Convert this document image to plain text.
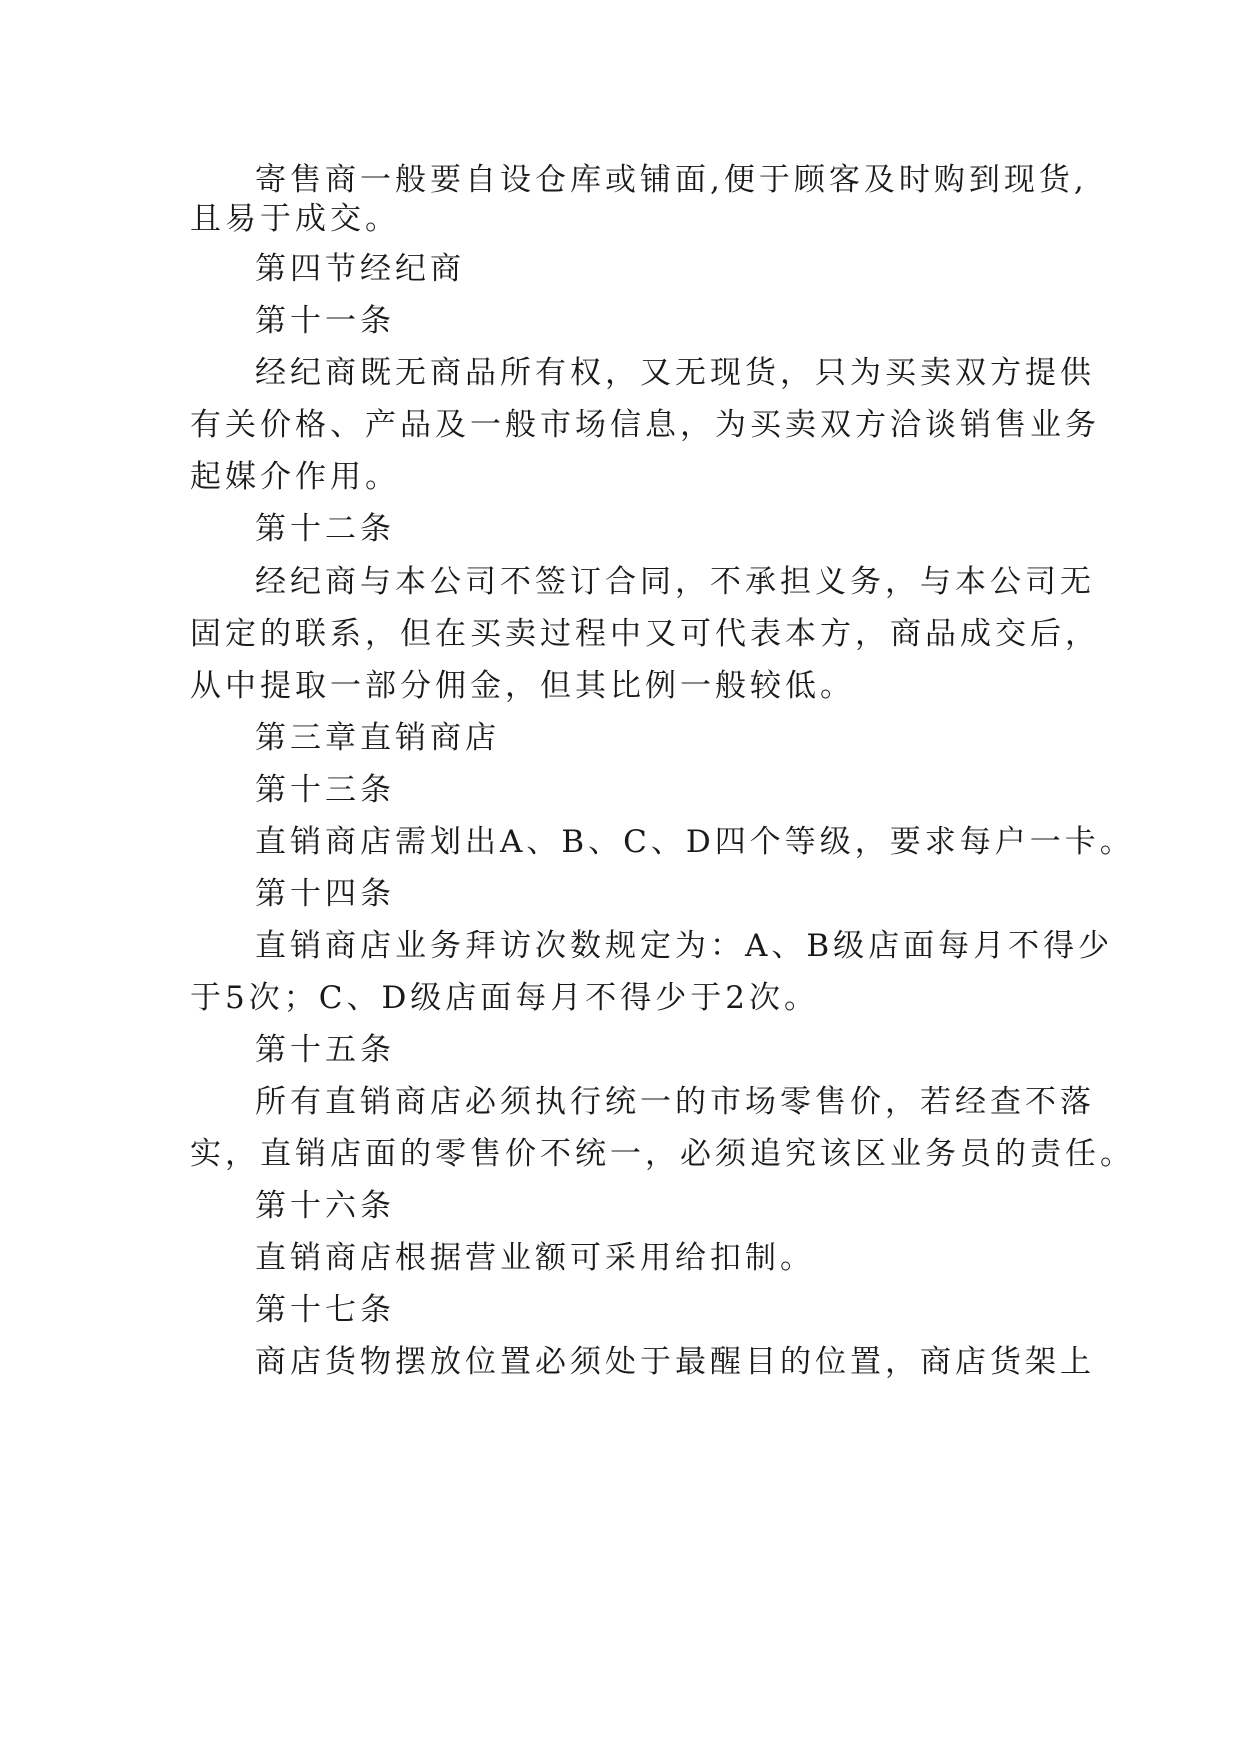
寄售商一般要自设仓库或铺面,便于顾客及时购到现货,
且易于成交。
第四节经纪商
第十一条
经纪商既无商品所有权，又无现货，只为买卖双方提供
有关价格、产品及一般市场信息，为买卖双方洽谈销售业务
起媒介作用。
第十二条
经纪商与本公司不签订合同，不承担义务，与本公司无
固定的联系，但在买卖过程中又可代表本方，商品成交后，
从中提取一部分佣金，但其比例一般较低。
第三章直销商店
第十三条
直销商店需划出A、B、C、D四个等级，要求每户一卡。
第十四条
直销商店业务拜访次数规定为：A、B级店面每月不得少
于5次；C、D级店面每月不得少于2次。
第十五条
所有直销商店必须执行统一的市场零售价，若经查不落
实，直销店面的零售价不统一，必须追究该区业务员的责任。
第十六条
直销商店根据营业额可采用给扣制。
第十七条
商店货物摆放位置必须处于最醒目的位置，商店货架上
